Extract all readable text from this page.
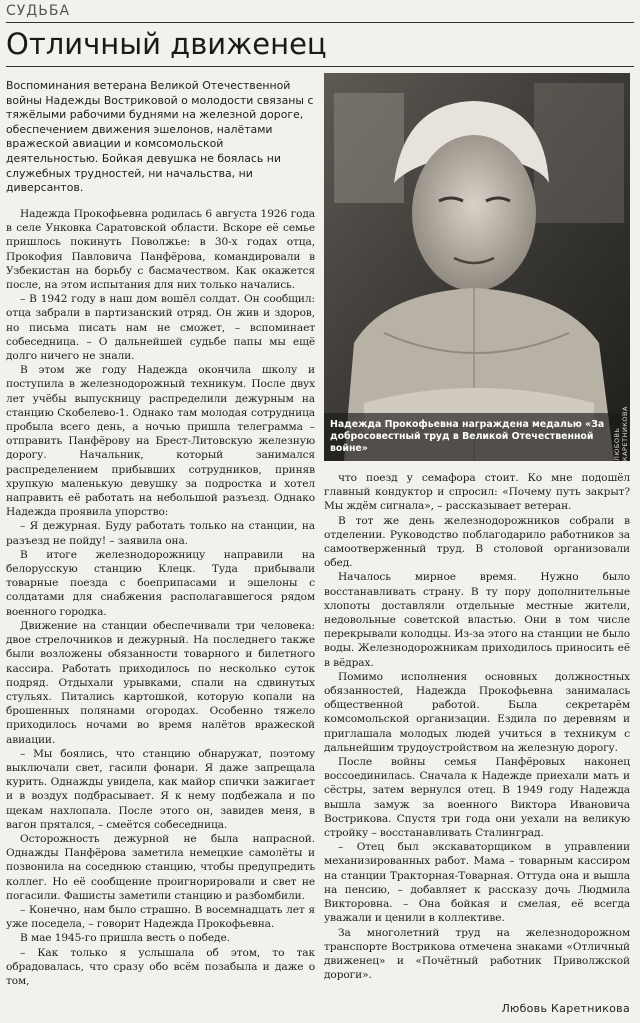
СУДЬБА
Отличный движенец
Воспоминания ветерана Великой Отечественной войны Надежды Востриковой о молодости связаны с тяжёлыми рабочими буднями на железной дороге, обеспечением движения эшелонов, налётами вражеской авиации и комсомольской деятельностью. Бойкая девушка не боялась ни служебных трудностей, ни начальства, ни диверсантов.
Надежда Прокофьевна награждена медалью «За добросовестный труд в Великой Отечественной войне»	ЛЮБОВЬ КАРЕТНИКОВА

Надежда Прокофьевна родилась 6 августа 1926 года в селе Унковка Саратовской области. Вскоре её семье пришлось покинуть Поволжье: в 30-х годах отца, Прокофия Павловича Панфёрова, командировали в Узбекистан на борьбу с басмачеством. Как окажется после, на этом испытания для них только начались.

– В 1942 году в наш дом вошёл солдат. Он сообщил: отца забрали в партизанский отряд. Он жив и здоров, но письма писать нам не сможет, – вспоминает собеседница. – О дальнейшей судьбе папы мы ещё долго ничего не знали.

В этом же году Надежда окончила школу и поступила в железнодорожный техникум. После двух лет учёбы выпускницу распределили дежурным на станцию Скобелево-1. Однако там молодая сотрудница пробыла всего день, а ночью пришла телеграмма – отправить Панфёрову на Брест-Литовскую железную дорогу. Начальник, который занимался распределением прибывших сотрудников, приняв хрупкую маленькую девушку за подростка и хотел направить её работать на небольшой разъезд. Однако Надежда проявила упорство:

– Я дежурная. Буду работать только на станции, на разъезд не пойду! – заявила она.

В итоге железнодорожницу направили на белорусскую станцию Клецк. Туда прибывали товарные поезда с боеприпасами и эшелоны с солдатами для снабжения располагавшегося рядом военного городка.

Движение на станции обеспечивали три человека: двое стрелочников и дежурный. На последнего также были возложены обязанности товарного и билетного кассира. Работать приходилось по несколько суток подряд. Отдыхали урывками, спали на сдвинутых стульях. Питались картошкой, которую копали на брошенных полянами огородах. Особенно тяжело приходилось ночами во время налётов вражеской авиации.

– Мы боялись, что станцию обнаружат, поэтому выключали свет, гасили фонари. Я даже запрещала курить. Однажды увидела, как майор спички зажигает и в воздух подбрасывает. Я к нему подбежала и по щекам нахлопала. После этого он, завидев меня, в вагон прятался, – смеётся собеседница.

Осторожность дежурной не была напрасной. Однажды Панфёрова заметила немецкие самолёты и позвонила на соседнюю станцию, чтобы предупредить коллег. Но её сообщение проигнорировали и свет не погасили. Фашисты заметили станцию и разбомбили.

– Конечно, нам было страшно. В восемнадцать лет я уже поседела, – говорит Надежда Прокофьевна.

В мае 1945-го пришла весть о победе.

– Как только я услышала об этом, то так обрадовалась, что сразу обо всём позабыла и даже о том,

что поезд у семафора стоит. Ко мне подошёл главный кондуктор и спросил: «Почему путь закрыт? Мы ждём сигнала», – рассказывает ветеран.

В тот же день железнодорожников собрали в отделении. Руководство поблагодарило работников за самоотверженный труд. В столовой организовали обед.

Началось мирное время. Нужно было восстанавливать страну. В ту пору дополнительные хлопоты доставляли отдельные местные жители, недовольные советской властью. Они в том числе перекрывали колодцы. Из-за этого на станции не было воды. Железнодорожникам приходилось приносить её в вёдрах.

Помимо исполнения основных должностных обязанностей, Надежда Прокофьевна занималась общественной работой. Была секретарём комсомольской организации. Ездила по деревням и приглашала молодых людей учиться в техникум с дальнейшим трудоустройством на железную дорогу.

После войны семья Панфёровых наконец воссоединилась. Сначала к Надежде приехали мать и сёстры, затем вернулся отец. В 1949 году Надежда вышла замуж за военного Виктора Ивановича Вострикова. Спустя три года они уехали на великую стройку – восстанавливать Сталинград.

– Отец был экскаваторщиком в управлении механизированных работ. Мама – товарным кассиром на станции Тракторная-Товарная. Оттуда она и вышла на пенсию, – добавляет к рассказу дочь Людмила Викторовна. – Она бойкая и смелая, её всегда уважали и ценили в коллективе.

За многолетний труд на железнодорожном транспорте Вострикова отмечена знаками «Отличный движенец» и «Почётный работник Приволжской дороги».

Любовь Каретникова
